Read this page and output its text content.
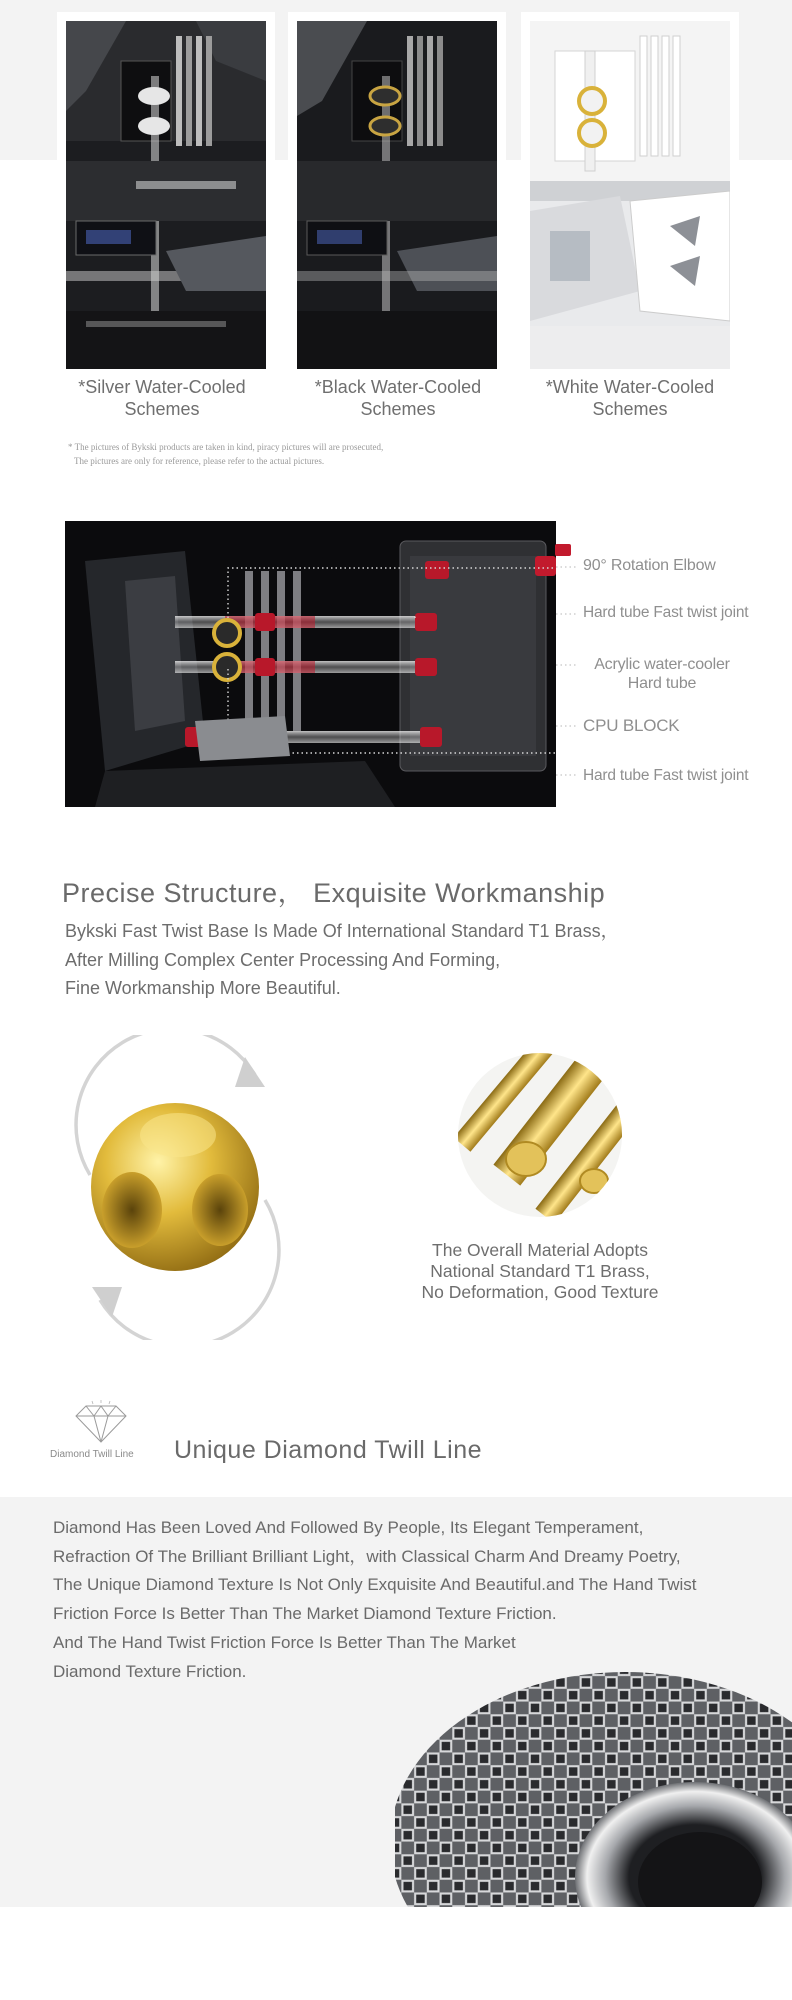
*Silver Water-Cooled
Schemes
*Black Water-Cooled
Schemes
*White Water-Cooled
Schemes
* The pictures of Bykski products are taken in kind, piracy pictures will are prosecuted,
The pictures are only for reference, please refer to the actual pictures.
90° Rotation Elbow
Hard tube Fast twist joint
Acrylic water-cooler
Hard tube
CPU BLOCK
Hard tube Fast twist joint
Precise Structure， Exquisite Workmanship
Bykski Fast Twist Base Is Made Of International Standard T1 Brass，
After Milling Complex Center Processing And Forming,
Fine Workmanship More Beautiful.
The Overall Material Adopts
National Standard T1 Brass,
No Deformation, Good Texture
Diamond Twill Line Unique Diamond Twill Line
Diamond Has Been Loved And Followed By People, Its Elegant Temperament,
Refraction Of The Brilliant Brilliant Light，with Classical Charm And Dreamy Poetry,
The Unique Diamond Texture Is Not Only Exquisite And Beautiful.and The Hand Twist
Friction Force Is Better Than The Market Diamond Texture Friction.
And The Hand Twist Friction Force Is Better Than The Market
Diamond Texture Friction.
